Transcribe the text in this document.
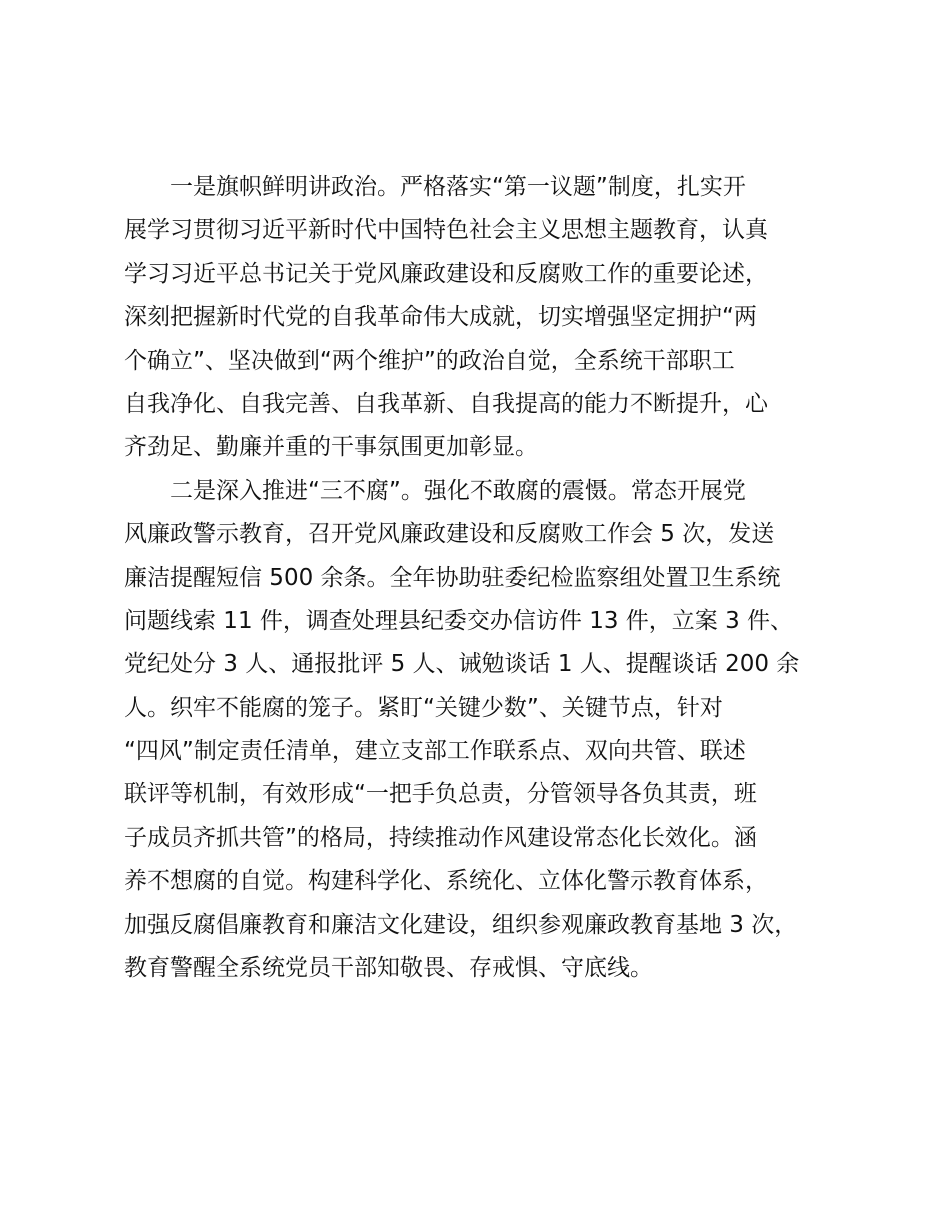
一是旗帜鲜明讲政治。严格落实“第一议题”制度，扎实开
展学习贯彻习近平新时代中国特色社会主义思想主题教育，认真
学习习近平总书记关于党风廉政建设和反腐败工作的重要论述，
深刻把握新时代党的自我革命伟大成就，切实增强坚定拥护“两
个确立”、坚决做到“两个维护”的政治自觉，全系统干部职工
自我净化、自我完善、自我革新、自我提高的能力不断提升，心
齐劲足、勤廉并重的干事氛围更加彰显。
二是深入推进“三不腐”。强化不敢腐的震慑。常态开展党
风廉政警示教育，召开党风廉政建设和反腐败工作会 5 次，发送
廉洁提醒短信 500 余条。全年协助驻委纪检监察组处置卫生系统
问题线索 11 件，调查处理县纪委交办信访件 13 件，立案 3 件、
党纪处分 3 人、通报批评 5 人、诫勉谈话 1 人、提醒谈话 200 余
人。织牢不能腐的笼子。紧盯“关键少数”、关键节点，针对
“四风”制定责任清单，建立支部工作联系点、双向共管、联述
联评等机制，有效形成“一把手负总责，分管领导各负其责，班
子成员齐抓共管”的格局，持续推动作风建设常态化长效化。涵
养不想腐的自觉。构建科学化、系统化、立体化警示教育体系，
加强反腐倡廉教育和廉洁文化建设，组织参观廉政教育基地 3 次，
教育警醒全系统党员干部知敬畏、存戒惧、守底线。
